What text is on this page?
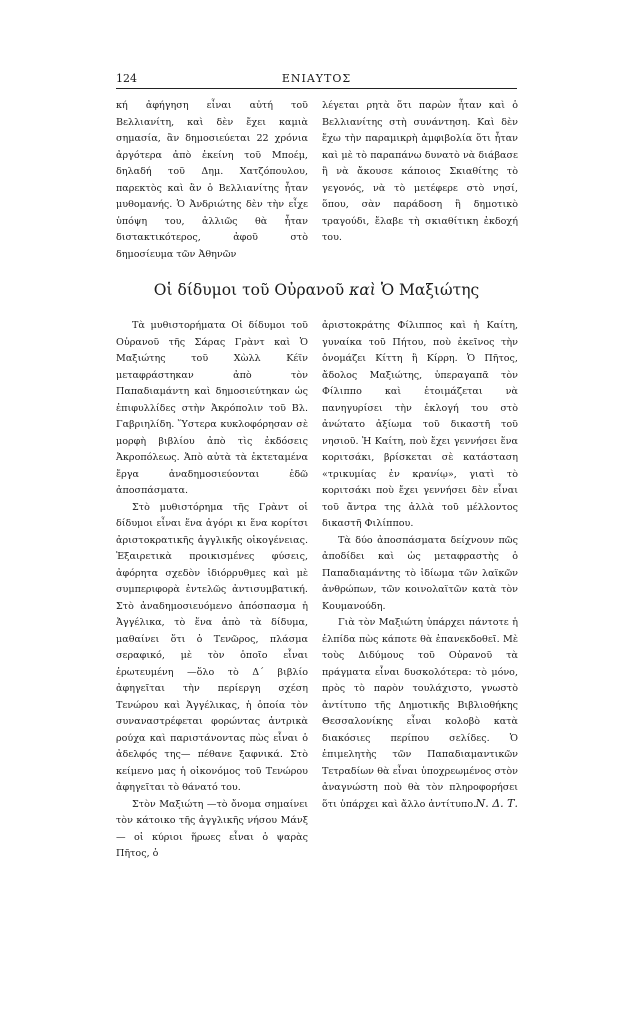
124	ΕΝΙΑΥΤΟΣ

κή ἀφήγηση εἶναι αὐτή τοῦ Βελλιανίτη, καὶ δὲν ἔχει καμιὰ σημασία, ἂν δημοσιεύεται 22 χρόνια ἀργότερα ἀπὸ ἐκείνη τοῦ Μποέμ, δηλαδή τοῦ Δημ. Χατζόπουλου, παρεκτὸς καὶ ἂν ὁ Βελλιανίτης ἦταν μυθομανής. Ὁ Ἀνδριώτης δὲν τὴν εἶχε ὑπόψη του, ἀλλιῶς θὰ ἦταν διστακτικότερος, ἀφοῦ στὸ δημοσίευμα τῶν Ἀθηνῶν

λέγεται ρητὰ ὅτι παρὼν ἦταν καὶ ὁ Βελλιανίτης στὴ συνάντηση. Καὶ δὲν ἔχω τὴν παραμικρὴ ἀμφιβολία ὅτι ἦταν καὶ μὲ τὸ παραπάνω δυνατὸ νὰ διάβασε ἢ νὰ ἄκουσε κάποιος Σκιαθίτης τὸ γεγονός, νὰ τὸ μετέφερε στὸ νησί, ὅπου, σὰν παράδοση ἢ δημοτικὸ τραγούδι, ἔλαβε τὴ σκιαθίτικη ἐκδοχή του.

Οἱ δίδυμοι τοῦ Οὐρανοῦ καὶ Ὁ Μαξιώτης

Τὰ μυθιστορήματα Οἱ δίδυμοι τοῦ Οὐρανοῦ τῆς Σάρας Γρὰντ καὶ Ὁ Μαξιώτης τοῦ Χὼλλ Κέϊν μεταφράστηκαν ἀπὸ τὸν Παπαδιαμάντη καὶ δημοσιεύτηκαν ὡς ἐπιφυλλίδες στὴν Ἀκρόπολιν τοῦ Βλ. Γαβριηλίδη. Ὕστερα κυκλοφόρησαν σὲ μορφὴ βιβλίου ἀπὸ τὶς ἐκδόσεις Ἀκροπόλεως. Ἀπὸ αὐτὰ τὰ ἐκτεταμένα ἔργα ἀναδημοσιεύονται ἐδῶ ἀποσπάσματα.

Στὸ μυθιστόρημα τῆς Γρὰντ οἱ δίδυμοι εἶναι ἕνα ἀγόρι κι ἕνα κορίτσι ἀριστοκρατικῆς ἀγγλικῆς οἰκογένειας. Ἐξαιρετικὰ προικισμένες φύσεις, ἀφόρητα σχεδὸν ἰδιόρρυθμες καὶ μὲ συμπεριφορὰ ἐντελῶς ἀντισυμβατική. Στὸ ἀναδημοσιευόμενο ἀπόσπασμα ἡ Ἀγγέλικα, τὸ ἕνα ἀπὸ τὰ δίδυμα, μαθαίνει ὅτι ὁ Τενῶρος, πλάσμα σεραφικό, μὲ τὸν ὁποῖο εἶναι ἐρωτευμένη —ὅλο τὸ Δ΄ βιβλίο ἀφηγεῖται τὴν περίεργη σχέση Τενώρου καὶ Ἀγγέλικας, ἡ ὁποία τὸν συναναστρέφεται φορώντας ἀντρικὰ ρούχα καὶ παριστάνοντας πὼς εἶναι ὁ ἀδελφός της— πέθανε ξαφνικά. Στὸ κείμενο μας ἡ οἰκονόμος τοῦ Τενώρου ἀφηγεῖται τὸ θάνατό του.

Στὸν Μαξιώτη —τὸ ὄνομα σημαίνει τὸν κάτοικο τῆς ἀγγλικῆς νήσου Μάνξ— οἱ κύριοι ἥρωες εἶναι ὁ ψαρὰς Πῆτος, ὁ

ἀριστοκράτης Φίλιππος καὶ ἡ Καίτη, γυναίκα τοῦ Πήτου, ποὺ ἐκεῖνος τὴν ὀνομάζει Κίττη ἢ Κίρρη. Ὁ Πῆτος, ἄδολος Μαξιώτης, ὑπεραγαπᾶ τὸν Φίλιππο καὶ ἑτοιμάζεται νὰ πανηγυρίσει τὴν ἐκλογή του στὸ ἀνώτατο ἀξίωμα τοῦ δικαστῆ τοῦ νησιοῦ. Ἡ Καίτη, ποὺ ἔχει γεννήσει ἕνα κοριτσάκι, βρίσκεται σὲ κατάσταση «τρικυμίας ἐν κρανίῳ», γιατὶ τὸ κοριτσάκι ποὺ ἔχει γεννήσει δὲν εἶναι τοῦ ἄντρα της ἀλλὰ τοῦ μέλλοντος δικαστῆ Φιλίππου.

Τὰ δύο ἀποσπάσματα δείχνουν πῶς ἀποδίδει καὶ ὡς μεταφραστὴς ὁ Παπαδιαμάντης τὸ ἰδίωμα τῶν λαϊκῶν ἀνθρώπων, τῶν κοινολαϊτῶν κατὰ τὸν Κουμανούδη.

Γιὰ τὸν Μαξιώτη ὑπάρχει πάντοτε ἡ ἐλπίδα πὼς κάποτε θὰ ἐπανεκδοθεῖ. Μὲ τοὺς Διδύμους τοῦ Οὐρανοῦ τὰ πράγματα εἶναι δυσκολότερα: τὸ μόνο, πρὸς τὸ παρὸν τουλάχιστο, γνωστὸ ἀντίτυπο τῆς Δημοτικῆς Βιβλιοθήκης Θεσσαλονίκης εἶναι κολοβὸ κατὰ διακόσιες περίπου σελίδες. Ὁ ἐπιμελητὴς τῶν Παπαδιαμαντικῶν Τετραδίων θὰ εἶναι ὑποχρεωμένος στὸν ἀναγνώστη ποὺ θὰ τὸν πληροφορήσει ὅτι ὑπάρχει καὶ ἄλλο ἀντίτυπο. Ν. Δ. Τ.
